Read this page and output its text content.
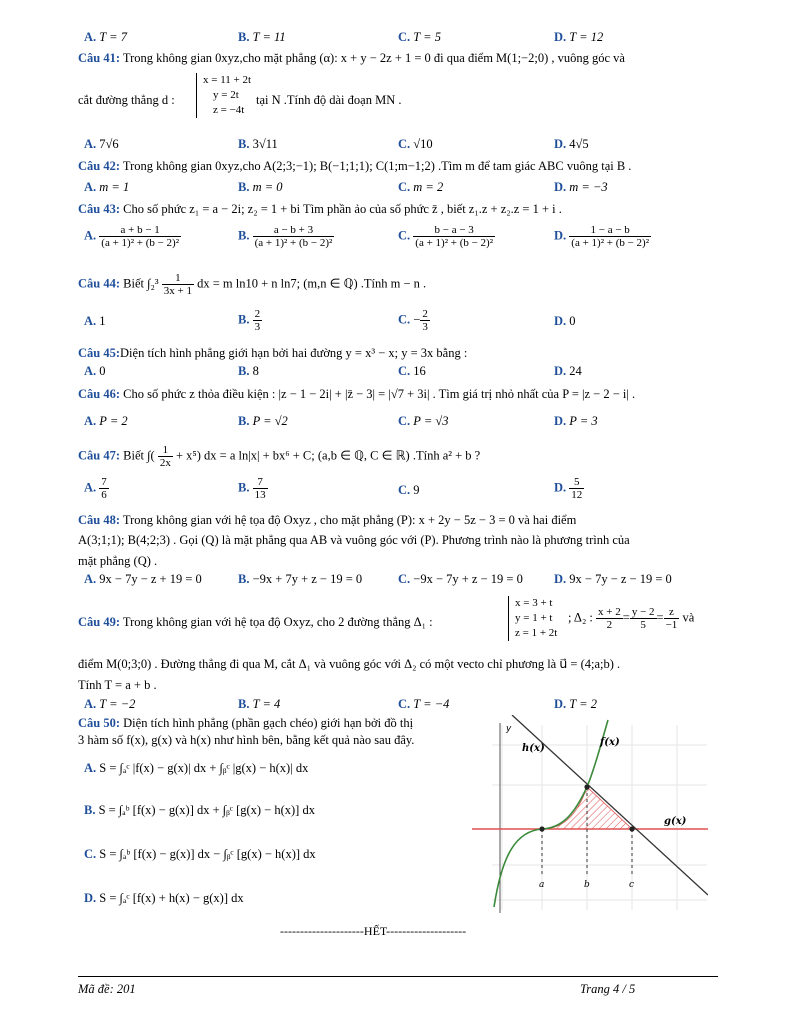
A. T = 7	B. T = 11	C. T = 5	D. T = 12
Câu 41: Trong không gian 0xyz,cho mặt phẳng (α): x + y − 2z + 1 = 0 đi qua điểm M(1;−2;0) , vuông góc và
cắt đường thẳng d :
x = 11 + 2t
y = 2t
z = −4t
tại N .Tính độ dài đoạn MN .
A. 7√6	B. 3√11	C. √10	D. 4√5
Câu 42: Trong không gian 0xyz,cho A(2;3;−1); B(−1;1;1); C(1;m−1;2) .Tìm m để tam giác ABC vuông tại B .
A. m = 1	B. m = 0	C. m = 2	D. m = −3
Câu 43: Cho số phức z₁ = a − 2i; z₂ = 1 + bi Tìm phần ảo của số phức z̄ , biết z₁.z + z₂.z = 1 + i .
A. $\frac{a + b - 1}{\text{(a + 1)² + (b − 2)²}}$	B. $\frac{a - b + 3}{\text{(a + 1)² + (b − 2)²}}$	C. $\frac{b - a - 3}{\text{(a + 1)² + (b − 2)²}}$	D. $\frac{1 - a - b}{\text{(a + 1)² + (b − 2)²}}$
Câu 44: Biết $\int_2^3 \frac{1}{3x + 1}$ dx = m ln10 + n ln7; (m,n ∈ ℚ) .Tính m − n .
A. 1	B. $\frac{2}{3}$	C. − $\frac{2}{3}$	D. 0
Câu 45:Diện tích hình phẳng giới hạn bởi hai đường y = x³ − x; y = 3x bằng :
A. 0	B. 8	C. 16	D. 24
Câu 46: Cho số phức z thỏa điều kiện : |z − 1 − 2i| + |z̄ − 3| = |√7 + 3i| . Tìm giá trị nhỏ nhất của P = |z − 2 − i| .
A. P = 2	B. P = √2	C. P = √3	D. P = 3
Câu 47: Biết ∫( $\frac{1}{2x} + x^5$) dx = a ln|x| + bx⁶ + C; (a,b ∈ ℚ, C ∈ ℝ) .Tính a² + b ?
A. $\frac{7}{6}$	B. $\frac{7}{13}$	C. 9	D. $\frac{5}{12}$
Câu 48: Trong không gian với hệ tọa độ Oxyz , cho mặt phẳng (P): x + 2y − 5z − 3 = 0 và hai điểm
A(3;1;1); B(4;2;3) . Gọi (Q) là mặt phẳng qua AB và vuông góc với (P). Phương trình nào là phương trình của
mặt phẳng (Q) .
A. 9x − 7y − z + 19 = 0	B. −9x + 7y + z − 19 = 0	C. −9x − 7y + z − 19 = 0 D. 9x − 7y − z − 19 = 0
Câu 49: Trong không gian với hệ tọa độ Oxyz, cho 2 đường thẳng Δ₁ :
x = 3 + t
y = 1 + t
z = 1 + 2t
; Δ₂ : $\frac{x + 2}{2} = \frac{y - 2}{5} = \frac{z}{-1}$ và
điểm M(0;3;0) . Đường thẳng đi qua M, cắt Δ₁ và vuông góc với Δ₂ có một vecto chỉ phương là u⃗ = (4;a;b) .
Tính T = a + b .
A. T = −2	B. T = 4	C. T = −4	D. T = 2
Câu 50: Diện tích hình phẳng (phần gạch chéo) giới hạn bởi đồ thị
3 hàm số f(x), g(x) và h(x) như hình bên, bằng kết quả nào sau đây.
A. S = ∫ₐᶜ |f(x) − g(x)| dx + ∫ᵦᶜ |g(x) − h(x)| dx
B. S = ∫ₐᵇ [f(x) − g(x)] dx + ∫ᵦᶜ [g(x) − h(x)] dx
C. S = ∫ₐᵇ [f(x) − g(x)] dx − ∫ᵦᶜ [g(x) − h(x)] dx
D. S = ∫ₐᶜ [f(x) + h(x) − g(x)] dx
y
h(x)
f(x)
g(x)
a	b	c
---------------------HẾT--------------------
Mã đề: 201	Trang 4 / 5
